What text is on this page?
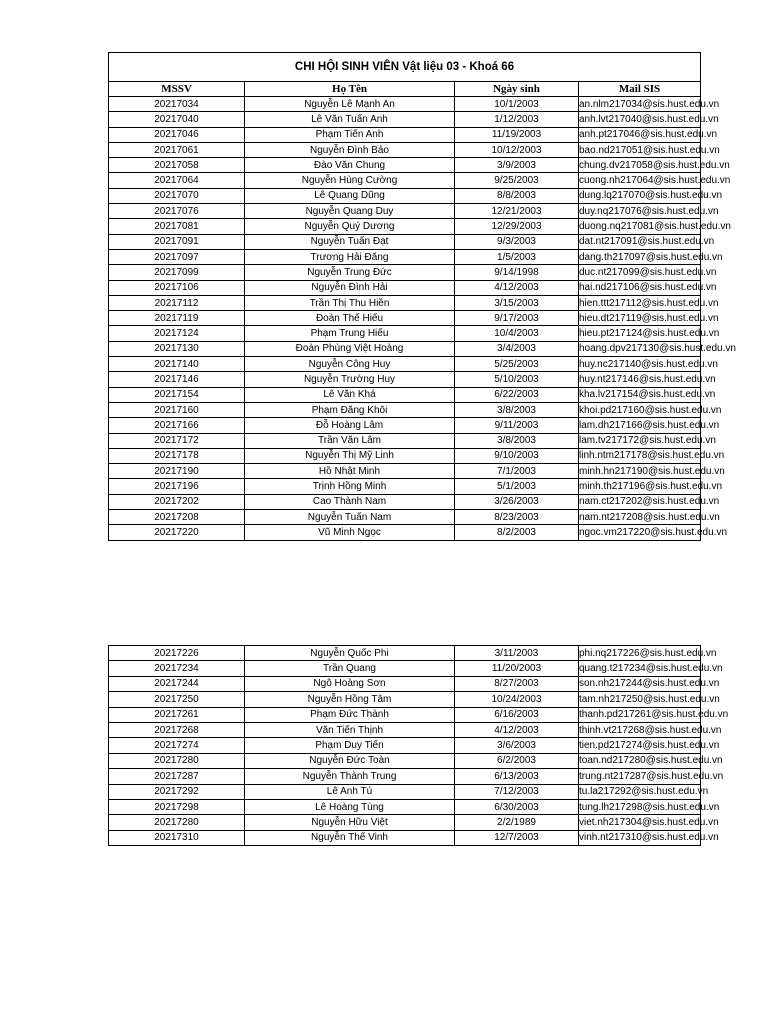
CHI HỘI SINH VIÊN Vật liệu 03 - Khoá 66			
MSSV	Họ Tên	Ngày sinh	Mail SIS
20217034	Nguyễn Lê Mạnh An	10/1/2003	an.nlm217034@sis.hust.edu.vn
20217040	Lê Văn Tuấn Anh	1/12/2003	anh.lvt217040@sis.hust.edu.vn
20217046	Phạm Tiến Anh	11/19/2003	anh.pt217046@sis.hust.edu.vn
20217061	Nguyễn Đình Bảo	10/12/2003	bao.nd217051@sis.hust.edu.vn
20217058	Đào Văn Chung	3/9/2003	chung.dv217058@sis.hust.edu.vn
20217064	Nguyễn Hùng Cường	9/25/2003	cuong.nh217064@sis.hust.edu.vn
20217070	Lê Quang Dũng	8/8/2003	dung.lq217070@sis.hust.edu.vn
20217076	Nguyễn Quang Duy	12/21/2003	duy.nq217076@sis.hust.edu.vn
20217081	Nguyễn Quý Dương	12/29/2003	duong.nq217081@sis.hust.edu.vn
20217091	Nguyễn Tuấn Đạt	9/3/2003	dat.nt217091@sis.hust.edu.vn
20217097	Trương Hải Đăng	1/5/2003	dang.th217097@sis.hust.edu.vn
20217099	Nguyễn Trung Đức	9/14/1998	duc.nt217099@sis.hust.edu.vn
20217106	Nguyễn Đình Hải	4/12/2003	hai.nd217106@sis.hust.edu.vn
20217112	Trần Thị Thu Hiền	3/15/2003	hien.ttt217112@sis.hust.edu.vn
20217119	Đoàn Thế Hiếu	9/17/2003	hieu.dt217119@sis.hust.edu.vn
20217124	Phạm Trung Hiếu	10/4/2003	hieu.pt217124@sis.hust.edu.vn
20217130	Đoàn Phùng Việt Hoàng	3/4/2003	hoang.dpv217130@sis.hust.edu.vn
20217140	Nguyễn Công Huy	5/25/2003	huy.nc217140@sis.hust.edu.vn
20217146	Nguyễn Trường Huy	5/10/2003	huy.nt217146@sis.hust.edu.vn
20217154	Lê Văn Khá	6/22/2003	kha.lv217154@sis.hust.edu.vn
20217160	Phạm Đăng Khôi	3/8/2003	khoi.pd217160@sis.hust.edu.vn
20217166	Đỗ Hoàng Lâm	9/11/2003	lam.dh217166@sis.hust.edu.vn
20217172	Trần Văn Lâm	3/8/2003	lam.tv217172@sis.hust.edu.vn
20217178	Nguyễn Thị Mỹ Linh	9/10/2003	linh.ntm217178@sis.hust.edu.vn
20217190	Hồ Nhật Minh	7/1/2003	minh.hn217190@sis.hust.edu.vn
20217196	Trịnh Hồng Minh	5/1/2003	minh.th217196@sis.hust.edu.vn
20217202	Cao Thành Nam	3/26/2003	nam.ct217202@sis.hust.edu.vn
20217208	Nguyễn Tuấn Nam	8/23/2003	nam.nt217208@sis.hust.edu.vn
20217220	Vũ Minh Ngọc	8/2/2003	ngoc.vm217220@sis.hust.edu.vn
20217226	Nguyễn Quốc Phi	3/11/2003	phi.nq217226@sis.hust.edu.vn
20217234	Trần Quang	11/20/2003	quang.t217234@sis.hust.edu.vn
20217244	Ngô Hoàng Sơn	8/27/2003	son.nh217244@sis.hust.edu.vn
20217250	Nguyễn Hồng Tâm	10/24/2003	tam.nh217250@sis.hust.edu.vn
20217261	Phạm Đức Thành	6/16/2003	thanh.pd217261@sis.hust.edu.vn
20217268	Văn Tiến Thịnh	4/12/2003	thinh.vt217268@sis.hust.edu.vn
20217274	Phạm Duy Tiến	3/6/2003	tien.pd217274@sis.hust.edu.vn
20217280	Nguyễn Đức Toàn	6/2/2003	toan.nd217280@sis.hust.edu.vn
20217287	Nguyễn Thành Trung	6/13/2003	trung.nt217287@sis.hust.edu.vn
20217292	Lê Anh Tú	7/12/2003	tu.la217292@sis.hust.edu.vn
20217298	Lê Hoàng Tùng	6/30/2003	tung.lh217298@sis.hust.edu.vn
20217280	Nguyễn Hữu Việt	2/2/1989	viet.nh217304@sis.hust.edu.vn
20217310	Nguyễn Thế Vinh	12/7/2003	vinh.nt217310@sis.hust.edu.vn
